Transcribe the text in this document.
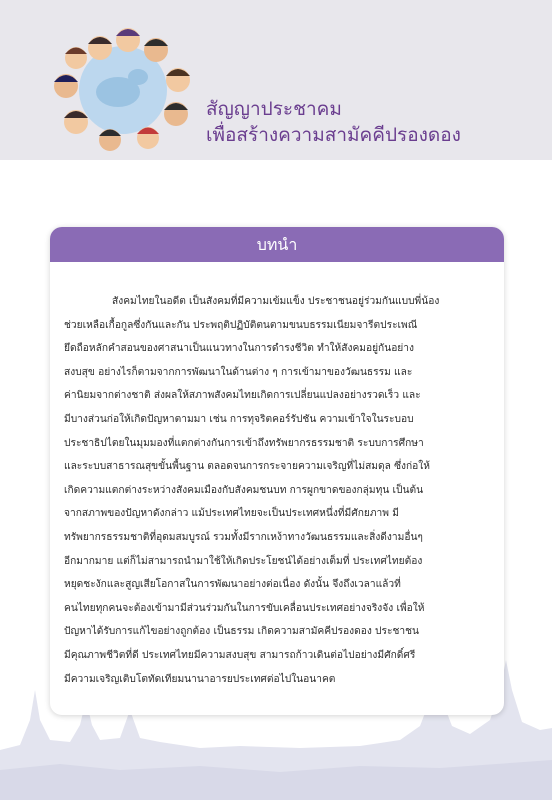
สัญญาประชาคม
เพื่อสร้างความสามัคคีปรองดอง
บทนำ

สังคมไทยในอดีต เป็นสังคมที่มีความเข้มแข็ง ประชาชนอยู่ร่วมกันแบบพี่น้อง
ช่วยเหลือเกื้อกูลซึ่งกันและกัน ประพฤติปฏิบัติตนตามขนบธรรมเนียมจารีตประเพณี
ยึดถือหลักคำสอนของศาสนาเป็นแนวทางในการดำรงชีวิต ทำให้สังคมอยู่กันอย่าง
สงบสุข อย่างไรก็ตามจากการพัฒนาในด้านต่าง ๆ การเข้ามาของวัฒนธรรม และ
ค่านิยมจากต่างชาติ ส่งผลให้สภาพสังคมไทยเกิดการเปลี่ยนแปลงอย่างรวดเร็ว และ
มีบางส่วนก่อให้เกิดปัญหาตามมา เช่น การทุจริตคอร์รัปชัน ความเข้าใจในระบอบ
ประชาธิปไตยในมุมมองที่แตกต่างกันการเข้าถึงทรัพยากรธรรมชาติ ระบบการศึกษา
และระบบสาธารณสุขขั้นพื้นฐาน ตลอดจนการกระจายความเจริญที่ไม่สมดุล ซึ่งก่อให้
เกิดความแตกต่างระหว่างสังคมเมืองกับสังคมชนบท การผูกขาดของกลุ่มทุน เป็นต้น
จากสภาพของปัญหาดังกล่าว แม้ประเทศไทยจะเป็นประเทศหนึ่งที่มีศักยภาพ มี
ทรัพยากรธรรมชาติที่อุดมสมบูรณ์ รวมทั้งมีรากเหง้าทางวัฒนธรรมและสิ่งดีงามอื่นๆ
อีกมากมาย แต่ก็ไม่สามารถนำมาใช้ให้เกิดประโยชน์ได้อย่างเต็มที่ ประเทศไทยต้อง
หยุดชะงักและสูญเสียโอกาสในการพัฒนาอย่างต่อเนื่อง ดังนั้น จึงถึงเวลาแล้วที่
คนไทยทุกคนจะต้องเข้ามามีส่วนร่วมกันในการขับเคลื่อนประเทศอย่างจริงจัง เพื่อให้
ปัญหาได้รับการแก้ไขอย่างถูกต้อง เป็นธรรม เกิดความสามัคคีปรองดอง ประชาชน
มีคุณภาพชีวิตที่ดี ประเทศไทยมีความสงบสุข สามารถก้าวเดินต่อไปอย่างมีศักดิ์ศรี
มีความเจริญเติบโตทัดเทียมนานาอารยประเทศต่อไปในอนาคต
